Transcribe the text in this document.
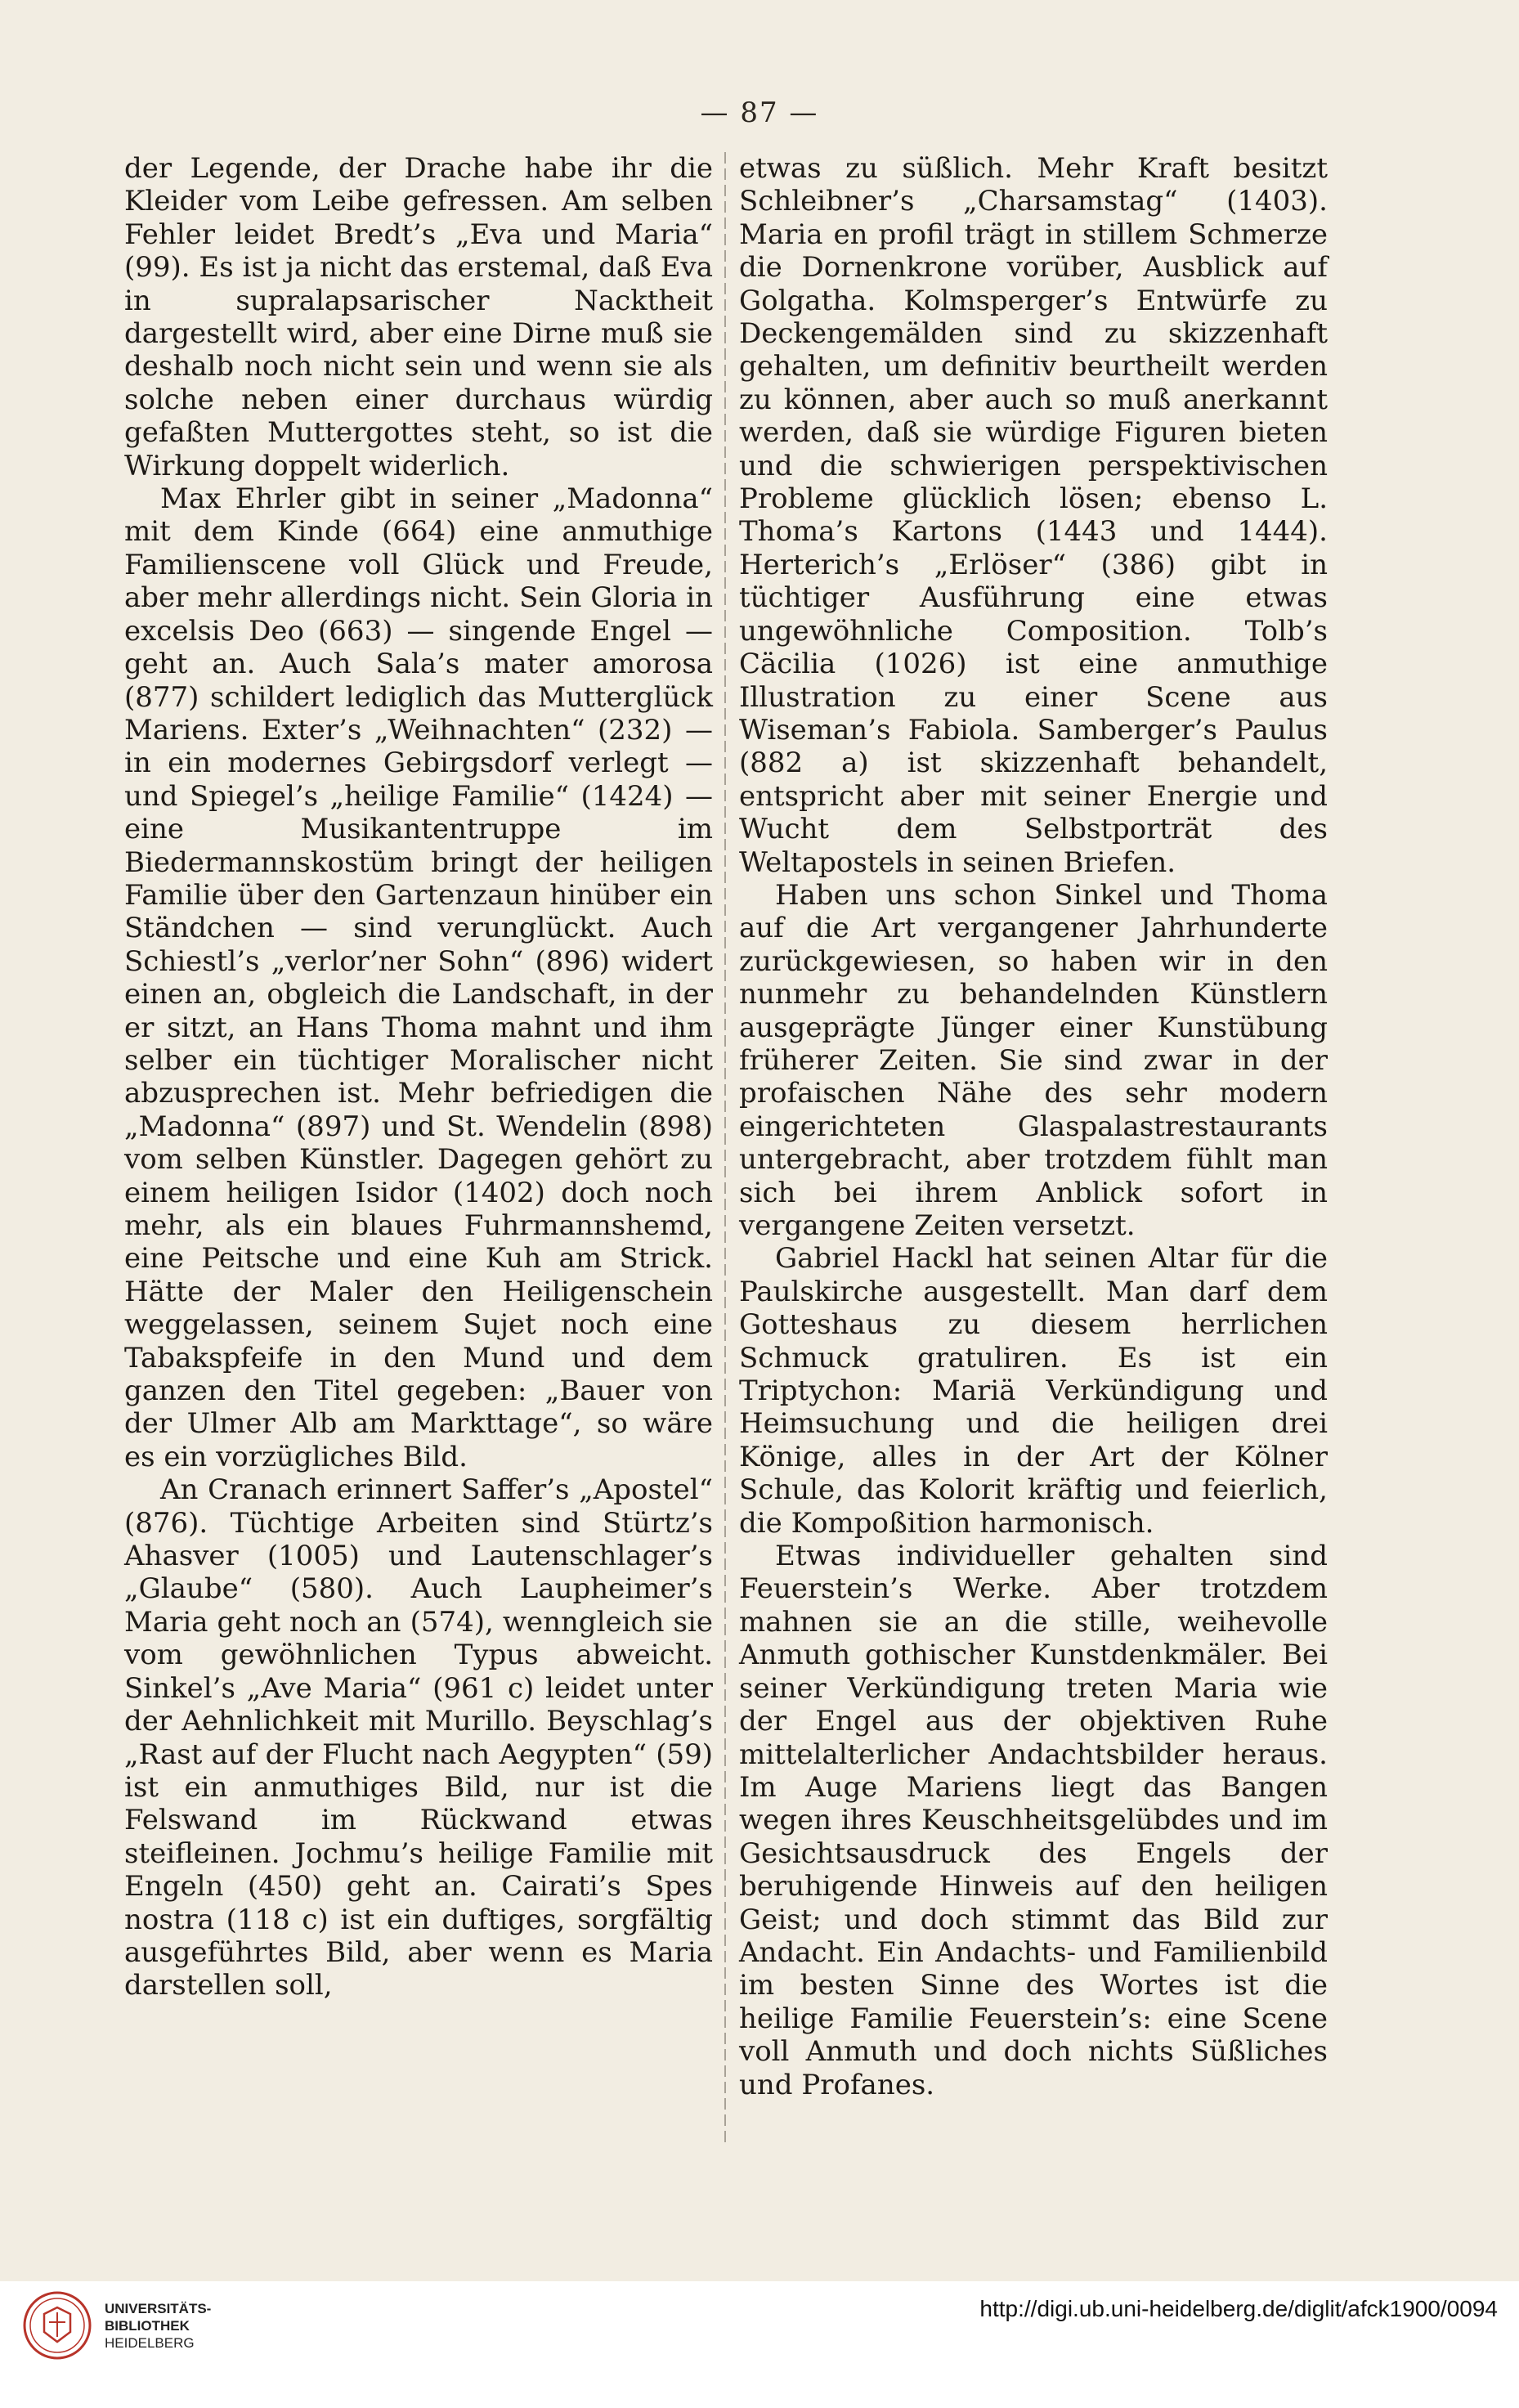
— 87 —

der Legende, der Drache habe ihr die Kleider vom Leibe gefressen. Am selben Fehler leidet Bredt’s „Eva und Maria“ (99). Es ist ja nicht das erstemal, daß Eva in supralapsarischer Nacktheit dargestellt wird, aber eine Dirne muß sie deshalb noch nicht sein und wenn sie als solche neben einer durchaus würdig gefaßten Muttergottes steht, so ist die Wirkung doppelt widerlich.

Max Ehrler gibt in seiner „Madonna“ mit dem Kinde (664) eine anmuthige Familienscene voll Glück und Freude, aber mehr allerdings nicht. Sein Gloria in excelsis Deo (663) — singende Engel — geht an. Auch Sala’s mater amorosa (877) schildert lediglich das Mutterglück Mariens. Exter’s „Weihnachten“ (232) — in ein modernes Gebirgsdorf verlegt — und Spiegel’s „heilige Familie“ (1424) — eine Musikantentruppe im Biedermannskostüm bringt der heiligen Familie über den Gartenzaun hinüber ein Ständchen — sind verunglückt. Auch Schiestl’s „verlor’ner Sohn“ (896) widert einen an, obgleich die Landschaft, in der er sitzt, an Hans Thoma mahnt und ihm selber ein tüchtiger Moralischer nicht abzusprechen ist. Mehr befriedigen die „Madonna“ (897) und St. Wendelin (898) vom selben Künstler. Dagegen gehört zu einem heiligen Isidor (1402) doch noch mehr, als ein blaues Fuhrmannshemd, eine Peitsche und eine Kuh am Strick. Hätte der Maler den Heiligenschein weggelassen, seinem Sujet noch eine Tabakspfeife in den Mund und dem ganzen den Titel gegeben: „Bauer von der Ulmer Alb am Markttage“, so wäre es ein vorzügliches Bild.

An Cranach erinnert Saffer’s „Apostel“ (876). Tüchtige Arbeiten sind Stürtz’s Ahasver (1005) und Lautenschlager’s „Glaube“ (580). Auch Laupheimer’s Maria geht noch an (574), wenngleich sie vom gewöhnlichen Typus abweicht. Sinkel’s „Ave Maria“ (961 c) leidet unter der Aehnlichkeit mit Murillo. Beyschlag’s „Rast auf der Flucht nach Aegypten“ (59) ist ein anmuthiges Bild, nur ist die Felswand im Rückwand etwas steifleinen. Jochmu’s heilige Familie mit Engeln (450) geht an. Cairati’s Spes nostra (118 c) ist ein duftiges, sorgfältig ausgeführtes Bild, aber wenn es Maria darstellen soll,

etwas zu süßlich. Mehr Kraft besitzt Schleibner’s „Charsamstag“ (1403). Maria en profil trägt in stillem Schmerze die Dornenkrone vorüber, Ausblick auf Golgatha. Kolmsperger’s Entwürfe zu Deckengemälden sind zu skizzenhaft gehalten, um definitiv beurtheilt werden zu können, aber auch so muß anerkannt werden, daß sie würdige Figuren bieten und die schwierigen perspektivischen Probleme glücklich lösen; ebenso L. Thoma’s Kartons (1443 und 1444). Herterich’s „Erlöser“ (386) gibt in tüchtiger Ausführung eine etwas ungewöhnliche Composition. Tolb’s Cäcilia (1026) ist eine anmuthige Illustration zu einer Scene aus Wiseman’s Fabiola. Samberger’s Paulus (882 a) ist skizzenhaft behandelt, entspricht aber mit seiner Energie und Wucht dem Selbstporträt des Weltapostels in seinen Briefen.

Haben uns schon Sinkel und Thoma auf die Art vergangener Jahrhunderte zurückgewiesen, so haben wir in den nunmehr zu behandelnden Künstlern ausgeprägte Jünger einer Kunstübung früherer Zeiten. Sie sind zwar in der profaischen Nähe des sehr modern eingerichteten Glaspalastrestaurants untergebracht, aber trotzdem fühlt man sich bei ihrem Anblick sofort in vergangene Zeiten versetzt.

Gabriel Hackl hat seinen Altar für die Paulskirche ausgestellt. Man darf dem Gotteshaus zu diesem herrlichen Schmuck gratuliren. Es ist ein Triptychon: Mariä Verkündigung und Heimsuchung und die heiligen drei Könige, alles in der Art der Kölner Schule, das Kolorit kräftig und feierlich, die Kompoßition harmonisch.

Etwas individueller gehalten sind Feuerstein’s Werke. Aber trotzdem mahnen sie an die stille, weihevolle Anmuth gothischer Kunstdenkmäler. Bei seiner Verkündigung treten Maria wie der Engel aus der objektiven Ruhe mittelalterlicher Andachtsbilder heraus. Im Auge Mariens liegt das Bangen wegen ihres Keuschheitsgelübdes und im Gesichtsausdruck des Engels der beruhigende Hinweis auf den heiligen Geist; und doch stimmt das Bild zur Andacht. Ein Andachts- und Familienbild im besten Sinne des Wortes ist die heilige Familie Feuerstein’s: eine Scene voll Anmuth und doch nichts Süßliches und Profanes.

UNIVERSITÄTS-
BIBLIOTHEK
HEIDELBERG
http://digi.ub.uni-heidelberg.de/diglit/afck1900/0094
